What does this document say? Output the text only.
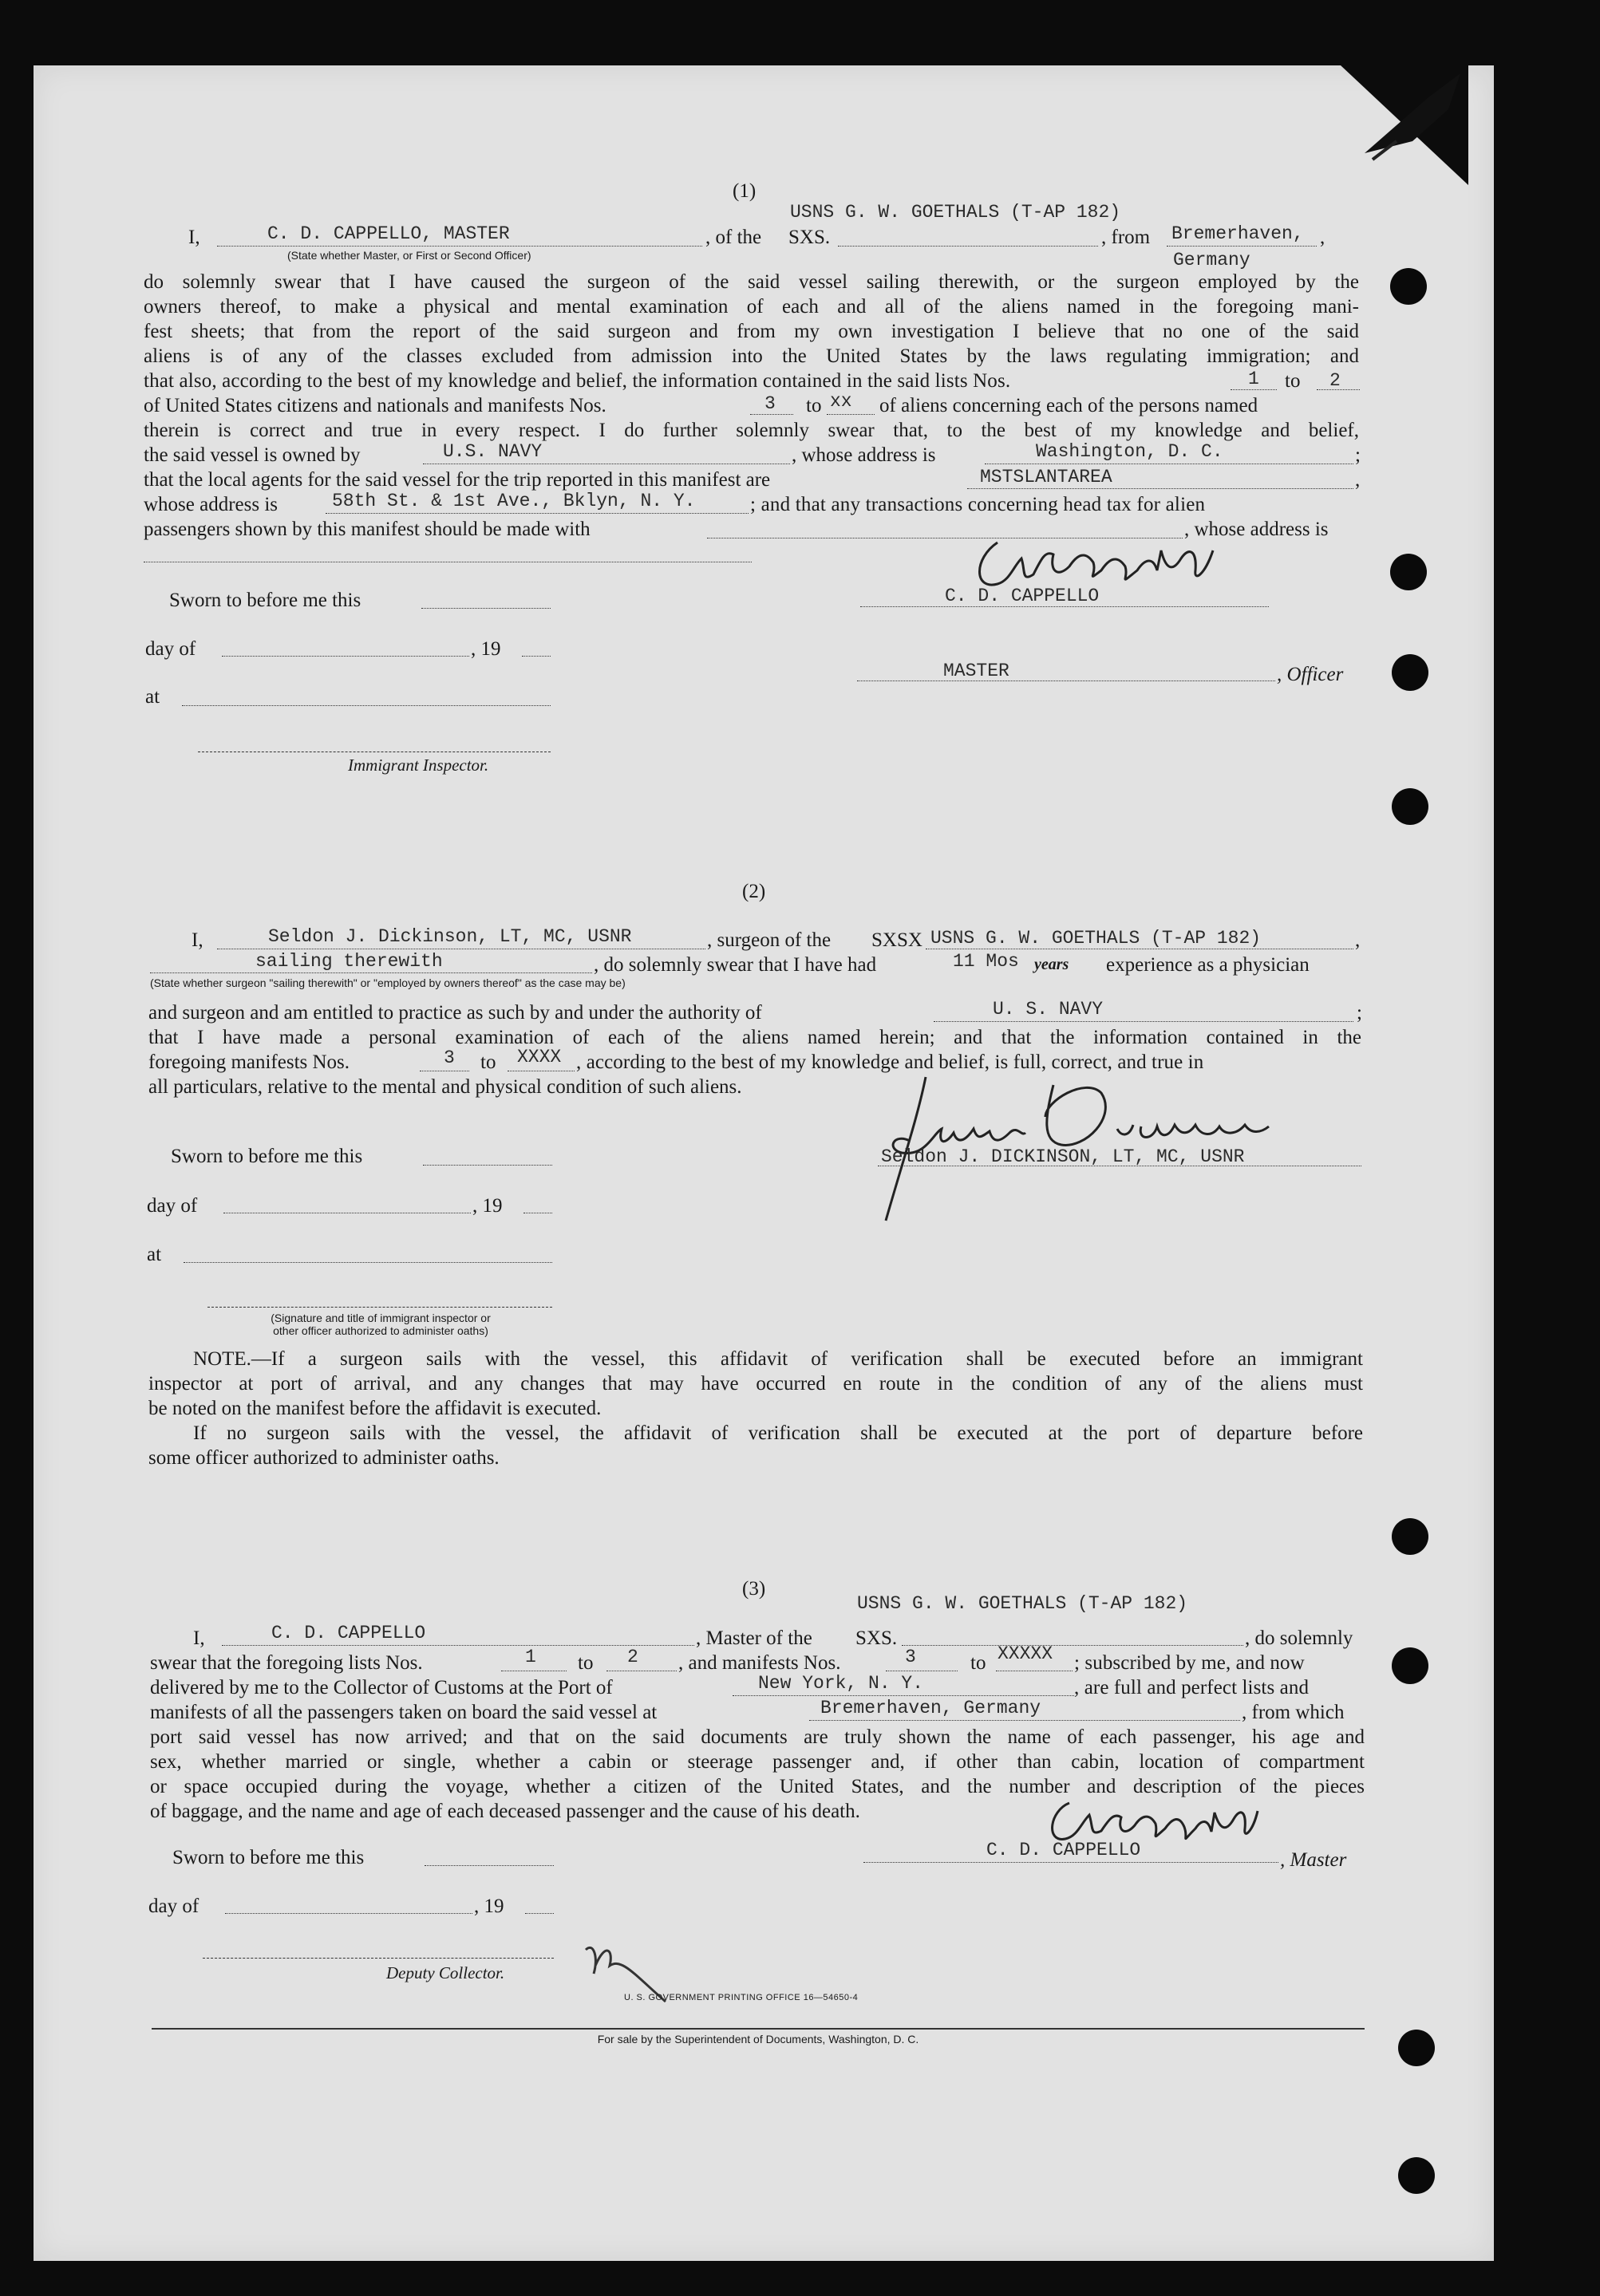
(1)
USNS G. W. GOETHALS (T-AP 182)
I,	C. D. CAPPELLO, MASTER
(State whether Master, or First or Second Officer)
, of the SXS.	, from Bremerhaven, ,
Germany
do solemnly swear that I have caused the surgeon of the said vessel sailing therewith, or the surgeon employed by the
owners thereof, to make a physical and mental examination of each and all of the aliens named in the foregoing mani-
fest sheets; that from the report of the said surgeon and from my own investigation I believe that no one of the said
aliens is of any of the classes excluded from admission into the United States by the laws regulating immigration; and
that also, according to the best of my knowledge and belief, the information contained in the said lists Nos.	1 to 2
of United States citizens and nationals and manifests Nos.	3 to xx of aliens concerning each of the persons named
therein is correct and true in every respect. I do further solemnly swear that, to the best of my knowledge and belief,
the said vessel is owned by	U.S. NAVY	, whose address is	Washington, D. C.	;
that the local agents for the said vessel for the trip reported in this manifest are	MSTSLANTAREA	,
whose address is	58th St. & 1st Ave., Bklyn, N. Y.	; and that any transactions concerning head tax for alien
passengers shown by this manifest should be made with	, whose address is
C. D. CAPPELLO
Sworn to before me this
day of	, 19
at
MASTER	, Officer
Immigrant Inspector.
(2)
I,	Seldon J. Dickinson, LT, MC, USNR	, surgeon of the SXSX USNS G. W. GOETHALS (T-AP 182)	,
sailing therewith	, do solemnly swear that I have had	11 Mos years experience as a physician
(State whether surgeon "sailing therewith" or "employed by owners thereof" as the case may be)
and surgeon and am entitled to practice as such by and under the authority of	U. S. NAVY	;
that I have made a personal examination of each of the aliens named herein; and that the information contained in the
foregoing manifests Nos.	3 to XXXX , according to the best of my knowledge and belief, is full, correct, and true in
all particulars, relative to the mental and physical condition of such aliens.
Seldon J. DICKINSON, LT, MC, USNR
Sworn to before me this
day of	, 19
at
(Signature and title of immigrant inspector or
other officer authorized to administer oaths)
NOTE.—If a surgeon sails with the vessel, this affidavit of verification shall be executed before an immigrant
inspector at port of arrival, and any changes that may have occurred en route in the condition of any of the aliens must
be noted on the manifest before the affidavit is executed.
If no surgeon sails with the vessel, the affidavit of verification shall be executed at the port of departure before
some officer authorized to administer oaths.
(3)
USNS G. W. GOETHALS (T-AP 182)
I,	C. D. CAPPELLO	, Master of the SXS.	, do solemnly
swear that the foregoing lists Nos.	1 to 2 , and manifests Nos.	3	to XXXXX ; subscribed by me, and now
delivered by me to the Collector of Customs at the Port of	New York, N. Y.	, are full and perfect lists and
manifests of all the passengers taken on board the said vessel at	Bremerhaven, Germany	, from which
port said vessel has now arrived; and that on the said documents are truly shown the name of each passenger, his age and
sex, whether married or single, whether a cabin or steerage passenger and, if other than cabin, location of compartment
or space occupied during the voyage, whether a citizen of the United States, and the number and description of the pieces
of baggage, and the name and age of each deceased passenger and the cause of his death.
C. D. CAPPELLO	, Master
Sworn to before me this
day of	, 19
Deputy Collector.
U. S. GOVERNMENT PRINTING OFFICE 16—54650-4
For sale by the Superintendent of Documents, Washington, D. C.
